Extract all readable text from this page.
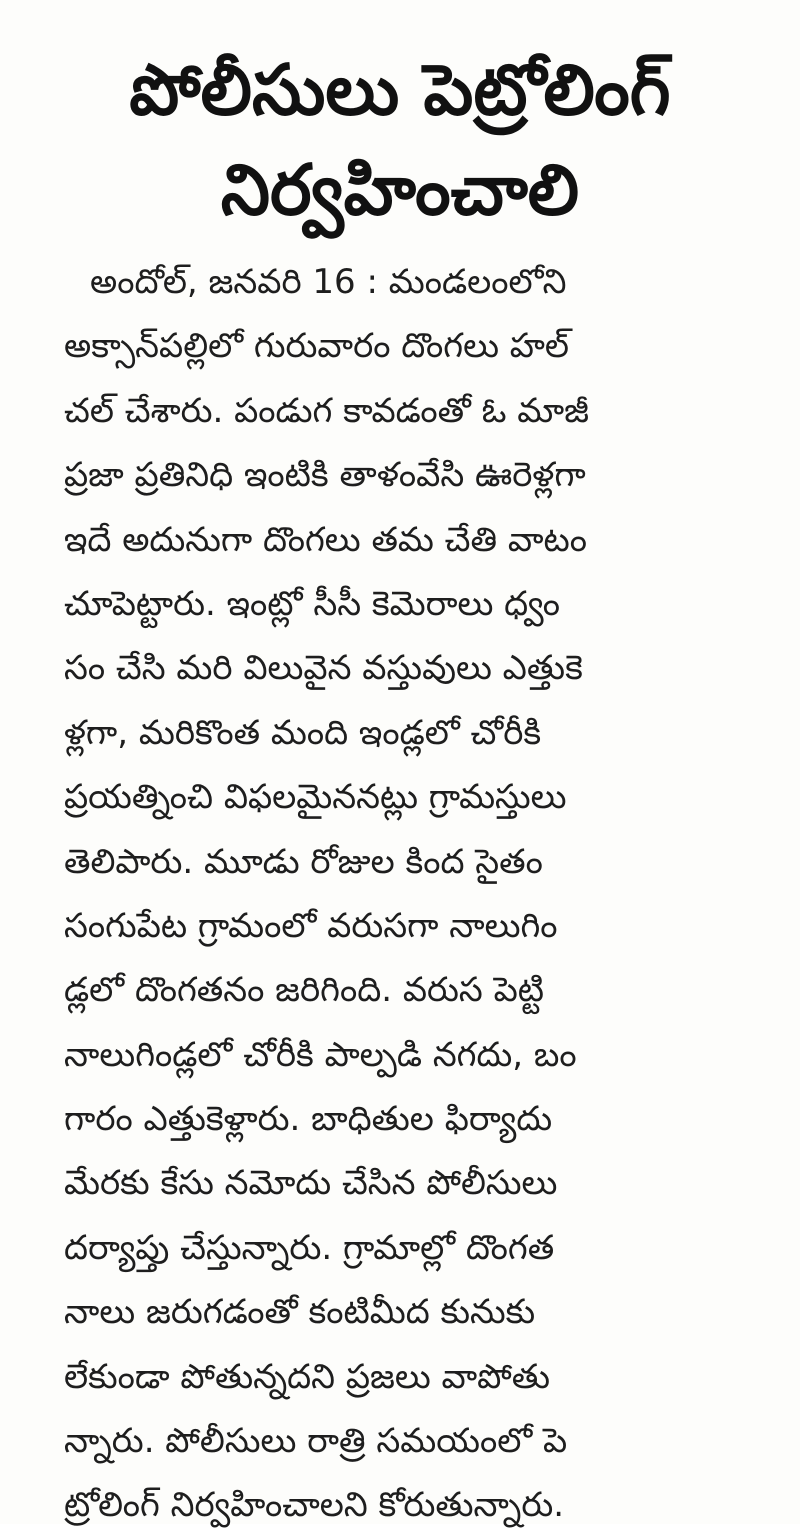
పోలీసులు పెట్రోలింగ్
నిర్వహించాలి
అందోల్, జనవరి 16 : మండలంలోని
అక్సాన్‌పల్లిలో గురువారం దొంగలు హల్
చల్ చేశారు. పండుగ కావడంతో ఓ మాజీ
ప్రజా ప్రతినిధి ఇంటికి తాళంవేసి ఊరెళ్లగా
ఇదే అదునుగా దొంగలు తమ చేతి వాటం
చూపెట్టారు. ఇంట్లో సీసీ కెమెరాలు ధ్వం
సం చేసి మరి విలువైన వస్తువులు ఎత్తుకె
ళ్లగా, మరికొంత మంది ఇండ్లలో చోరీకి
ప్రయత్నించి విఫలమైననట్లు గ్రామస్తులు
తెలిపారు. మూడు రోజుల కింద సైతం
సంగుపేట గ్రామంలో వరుసగా నాలుగిం
డ్లలో దొంగతనం జరిగింది. వరుస పెట్టి
నాలుగిండ్లలో చోరీకి పాల్పడి నగదు, బం
గారం ఎత్తుకెళ్లారు. బాధితుల ఫిర్యాదు
మేరకు కేసు నమోదు చేసిన పోలీసులు
దర్యాప్తు చేస్తున్నారు. గ్రామాల్లో దొంగత
నాలు జరుగడంతో కంటిమీద కునుకు
లేకుండా పోతున్నదని ప్రజలు వాపోతు
న్నారు. పోలీసులు రాత్రి సమయంలో పె
ట్రోలింగ్ నిర్వహించాలని కోరుతున్నారు.
